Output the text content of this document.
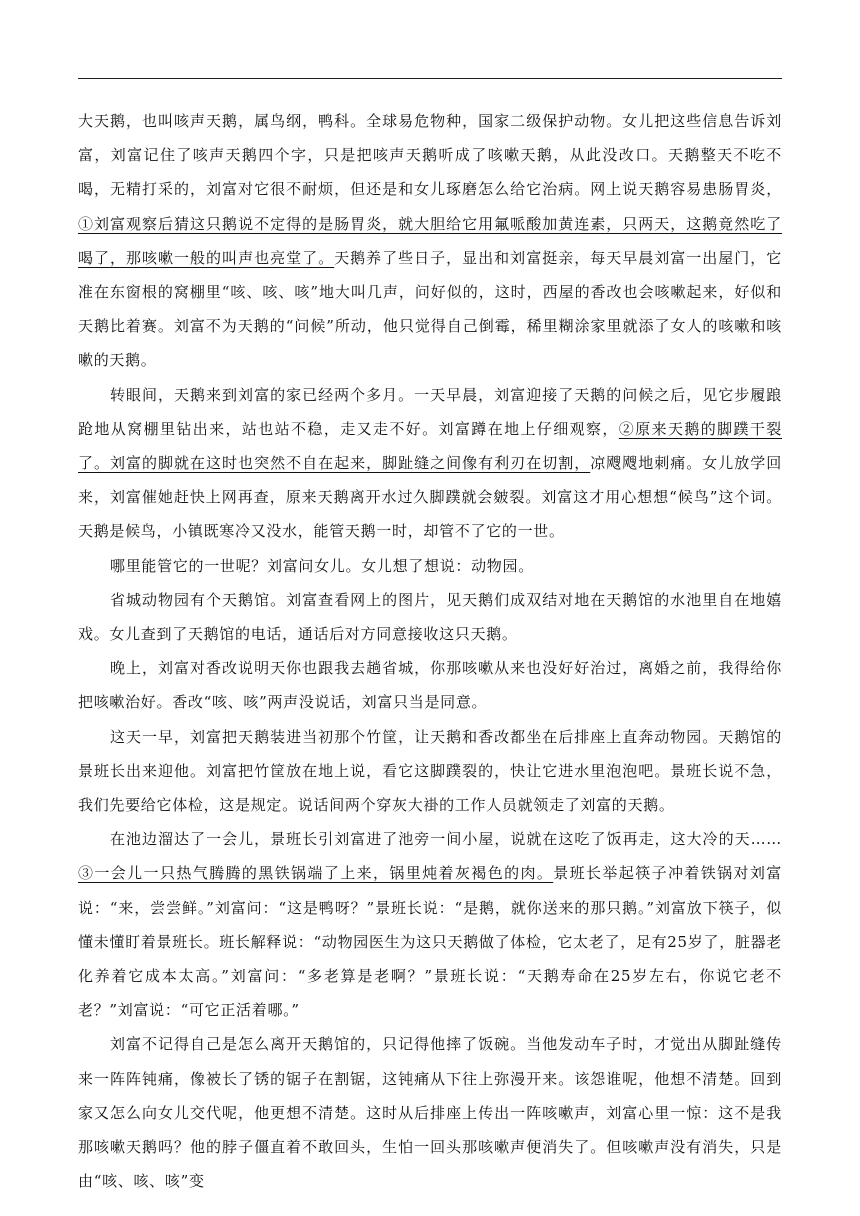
大天鹅，也叫咳声天鹅，属鸟纲，鸭科。全球易危物种，国家二级保护动物。女儿把这些信息告诉刘富，刘富记住了咳声天鹅四个字，只是把咳声天鹅听成了咳嗽天鹅，从此没改口。天鹅整天不吃不喝，无精打采的，刘富对它很不耐烦，但还是和女儿琢磨怎么给它治病。网上说天鹅容易患肠胃炎，①刘富观察后猜这只鹅说不定得的是肠胃炎，就大胆给它用氟哌酸加黄连素，只两天，这鹅竟然吃了喝了，那咳嗽一般的叫声也亮堂了。天鹅养了些日子，显出和刘富挺亲，每天早晨刘富一出屋门，它准在东窗根的窝棚里“咳、咳、咳”地大叫几声，问好似的，这时，西屋的香改也会咳嗽起来，好似和天鹅比着赛。刘富不为天鹅的“问候”所动，他只觉得自己倒霉，稀里糊涂家里就添了女人的咳嗽和咳嗽的天鹅。

转眼间，天鹅来到刘富的家已经两个多月。一天早晨，刘富迎接了天鹅的问候之后，见它步履踉跄地从窝棚里钻出来，站也站不稳，走又走不好。刘富蹲在地上仔细观察，②原来天鹅的脚蹼干裂了。刘富的脚就在这时也突然不自在起来，脚趾缝之间像有利刃在切割，凉飕飕地刺痛。女儿放学回来，刘富催她赶快上网再查，原来天鹅离开水过久脚蹼就会皴裂。刘富这才用心想想“候鸟”这个词。天鹅是候鸟，小镇既寒冷又没水，能管天鹅一时，却管不了它的一世。

哪里能管它的一世呢？刘富问女儿。女儿想了想说：动物园。

省城动物园有个天鹅馆。刘富查看网上的图片，见天鹅们成双结对地在天鹅馆的水池里自在地嬉戏。女儿查到了天鹅馆的电话，通话后对方同意接收这只天鹅。

晚上，刘富对香改说明天你也跟我去趟省城，你那咳嗽从来也没好好治过，离婚之前，我得给你把咳嗽治好。香改“咳、咳”两声没说话，刘富只当是同意。

这天一早，刘富把天鹅装进当初那个竹筐，让天鹅和香改都坐在后排座上直奔动物园。天鹅馆的景班长出来迎他。刘富把竹筐放在地上说，看它这脚蹼裂的，快让它进水里泡泡吧。景班长说不急，我们先要给它体检，这是规定。说话间两个穿灰大褂的工作人员就领走了刘富的天鹅。

在池边溜达了一会儿，景班长引刘富进了池旁一间小屋，说就在这吃了饭再走，这大冷的天……③一会儿一只热气腾腾的黑铁锅端了上来，锅里炖着灰褐色的肉。景班长举起筷子冲着铁锅对刘富说：“来，尝尝鲜。”刘富问：“这是鸭呀？”景班长说：“是鹅，就你送来的那只鹅。”刘富放下筷子，似懂未懂盯着景班长。班长解释说：“动物园医生为这只天鹅做了体检，它太老了，足有25岁了，脏器老化养着它成本太高。”刘富问：“多老算是老啊？”景班长说：“天鹅寿命在25岁左右，你说它老不老？”刘富说：“可它正活着哪。”

刘富不记得自己是怎么离开天鹅馆的，只记得他摔了饭碗。当他发动车子时，才觉出从脚趾缝传来一阵阵钝痛，像被长了锈的锯子在割锯，这钝痛从下往上弥漫开来。该怨谁呢，他想不清楚。回到家又怎么向女儿交代呢，他更想不清楚。这时从后排座上传出一阵咳嗽声，刘富心里一惊：这不是我那咳嗽天鹅吗？他的脖子僵直着不敢回头，生怕一回头那咳嗽声便消失了。但咳嗽声没有消失，只是由“咳、咳、咳”变
